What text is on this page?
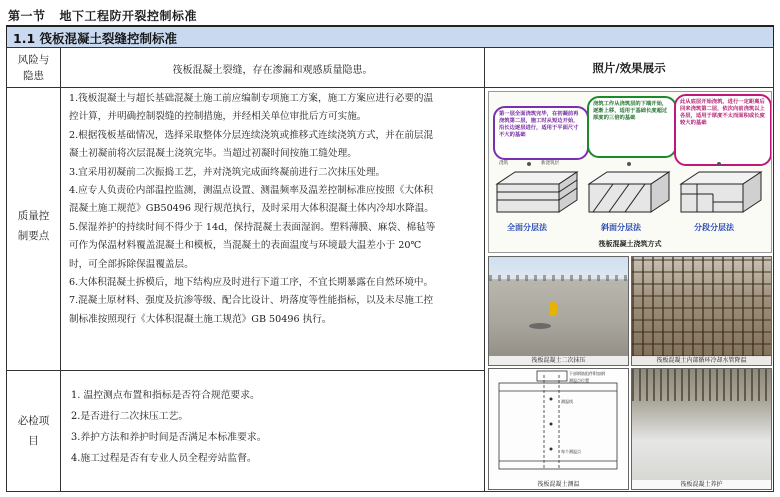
第一节 地下工程防开裂控制标准
1.1 筏板混凝土裂缝控制标准
风险与
隐患	筏板混凝土裂缝，存在渗漏和观感质量隐患。	照片/效果展示
质量控
制要点
1.筏板混凝土与超长基础混凝土施工前应编制专项施工方案，施工方案应进行必要的温
控计算，并明确控制裂缝的控制措施，并经相关单位审批后方可实施。
2.根据筏板基础情况，选择采取整体分层连续浇筑或推移式连续浇筑方式，并在前层混
凝土初凝前将次层混凝土浇筑完毕。当超过初凝时间按施工缝处理。
3.宜采用初凝前二次振捣工艺，并对浇筑完成面终凝前进行二次抹压处理。
4.应专人负责砼内部温控监测，测温点设置、测温频率及温差控制标准应按照《大体积
混凝土施工规范》GB50496 现行规范执行，及时采用大体积混凝土体内冷却水降温。
5.保湿养护的持续时间不得少于 14d，保持混凝土表面湿润。塑料薄膜、麻袋、棉毡等
可作为保温材料覆盖混凝土和模板，当混凝土的表面温度与环境最大温差小于 20℃
时，可全部拆除保温覆盖层。
6.大体积混凝土拆模后，地下结构应及时进行下道工序，不宜长期暴露在自然环境中。
7.混凝土原材料、强度及抗渗等级、配合比设计、坍落度等性能指标，以及未尽施工控
制标准按照现行《大体积混凝土施工规范》GB 50496 执行。
必检项
目
1. 温控测点布置和指标是否符合规范要求。
2.是否进行二次抹压工艺。
3.养护方法和养护时间是否满足本标准要求。
4.施工过程是否有专业人员全程旁站监督。
第一层全面浇筑完毕，在初凝前再浇筑第二层，施工时从短边开始，沿长边逐层进行，适用于平面尺寸不大的基础
浇筑工作从浇筑层的下端开始，逐渐上移，适用于基础长度超过厚度的三倍的基础
此从底层开始浇筑，进行一定距离后回来浇筑第二层，依次向前浇筑以上各层，适用于厚度不太而面积或长度较大的基础
浇筑	新浇筑层
全面分层法	斜面分层法	分段分层法
筏板混凝土浇筑方式
筏板混凝土二次抹压	筏板混凝土内部循环冷却水管降温
下部钢筋组件附加钢
测温点位置
测温线
每个测温点
筏板混凝土测温	筏板混凝土养护
